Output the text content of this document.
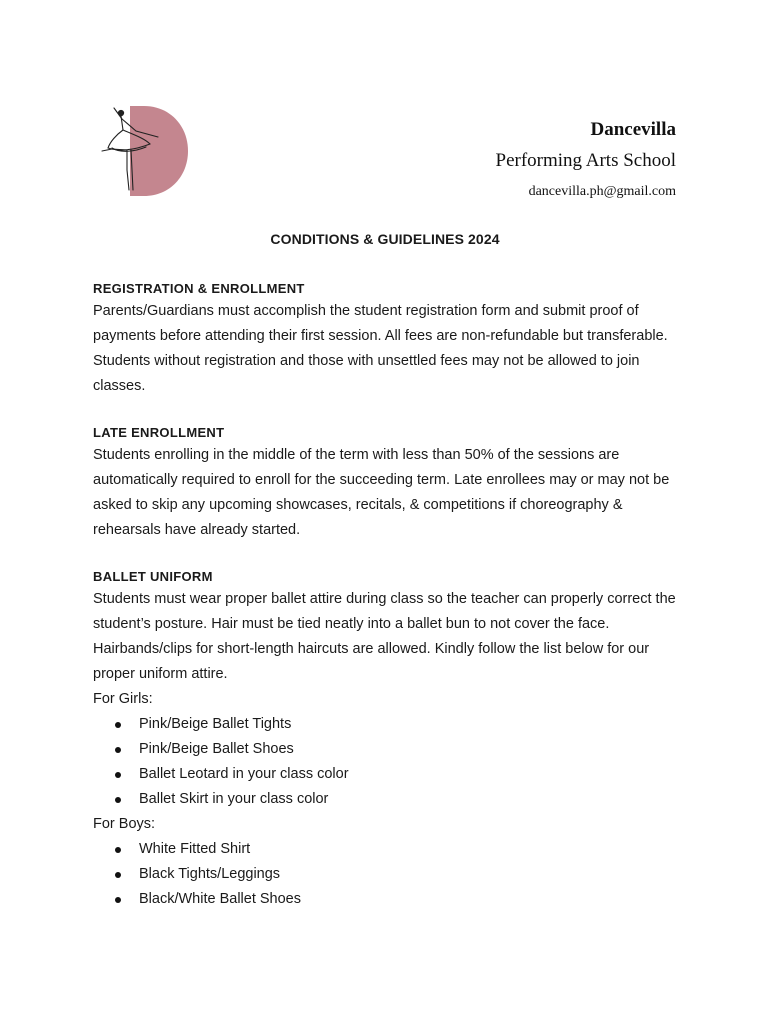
Dancevilla
Performing Arts School
dancevilla.ph@gmail.com
CONDITIONS & GUIDELINES 2024
REGISTRATION & ENROLLMENT

Parents/Guardians must accomplish the student registration form and submit proof of payments before attending their first session. All fees are non-refundable but transferable. Students without registration and those with unsettled fees may not be allowed to join classes.

LATE ENROLLMENT

Students enrolling in the middle of the term with less than 50% of the sessions are automatically required to enroll for the succeeding term. Late enrollees may or may not be asked to skip any upcoming showcases, recitals, & competitions if choreography & rehearsals have already started.

BALLET UNIFORM

Students must wear proper ballet attire during class so the teacher can properly correct the student’s posture. Hair must be tied neatly into a ballet bun to not cover the face. Hairbands/clips for short-length haircuts are allowed. Kindly follow the list below for our proper uniform attire.

For Girls:
Pink/Beige Ballet Tights
Pink/Beige Ballet Shoes
Ballet Leotard in your class color
Ballet Skirt in your class color
For Boys:
White Fitted Shirt
Black Tights/Leggings
Black/White Ballet Shoes
